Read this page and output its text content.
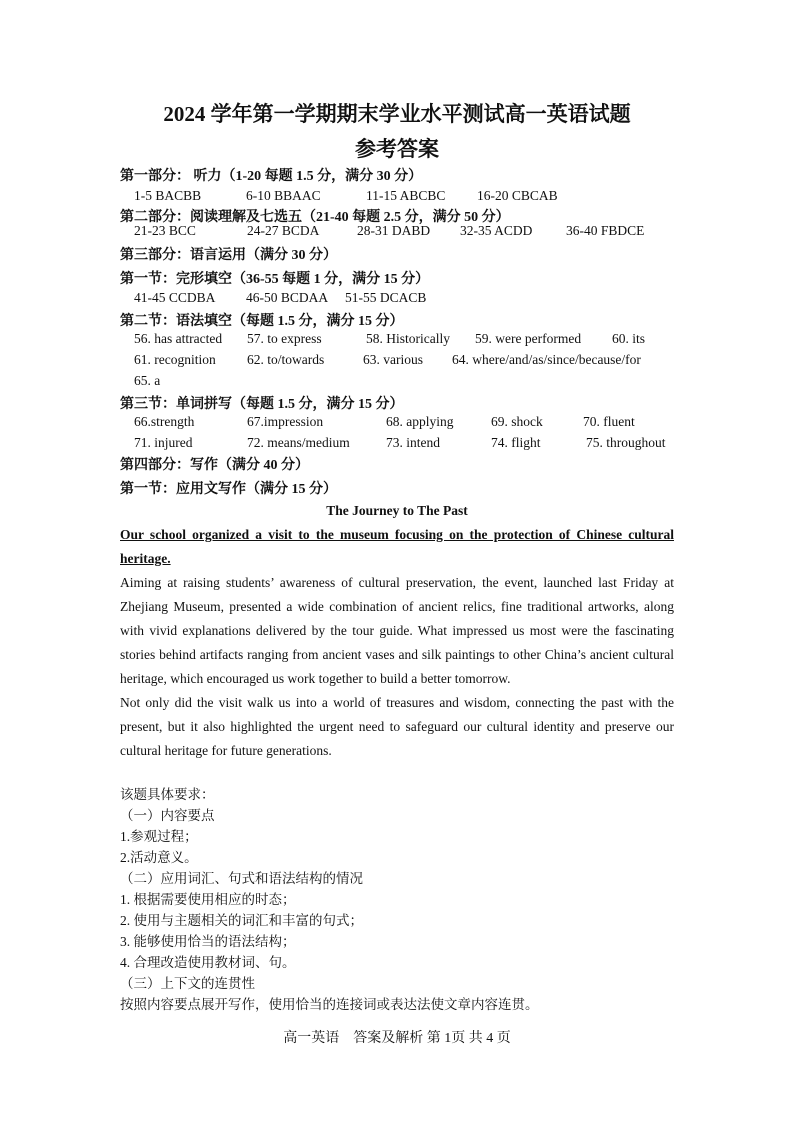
2024 学年第一学期期末学业水平测试高一英语试题
参考答案
第一部分： 听力（1-20 每题 1.5 分，满分 30 分）
1-5 BACBB	6-10 BBAAC	11-15 ABCBC 16-20 CBCAB
第二部分：阅读理解及七选五（21-40 每题 2.5 分，满分 50 分）
21-23 BCC	24-27 BCDA	28-31 DABD 32-35 ACDD 36-40 FBDCE
第三部分：语言运用（满分 30 分）
第一节：完形填空（36-55 每题 1 分，满分 15 分）
41-45 CCDBA 46-50 BCDAA 51-55 DCACB
第二节：语法填空（每题 1.5 分，满分 15 分）
56. has attracted 57. to express	58. Historically 59. were performed 60. its
61. recognition 62. to/towards	63. various 64. where/and/as/since/because/for
65. a
第三节：单词拼写（每题 1.5 分，满分 15 分）
66.strength	67.impression	68. applying	69. shock	70. fluent
71. injured	72. means/medium	73. intend	74. flight	75. throughout
第四部分：写作（满分 40 分）
第一节：应用文写作（满分 15 分）
The Journey to The Past
Our school organized a visit to the museum focusing on the protection of Chinese cultural heritage.
Aiming at raising students’ awareness of cultural preservation, the event, launched last Friday at Zhejiang Museum, presented a wide combination of ancient relics, fine traditional artworks, along with vivid explanations delivered by the tour guide. What impressed us most were the fascinating stories behind artifacts ranging from ancient vases and silk paintings to other China’s ancient cultural heritage, which encouraged us work together to build a better tomorrow.
Not only did the visit walk us into a world of treasures and wisdom, connecting the past with the present, but it also highlighted the urgent need to safeguard our cultural identity and preserve our cultural heritage for future generations.
该题具体要求：
（一）内容要点
1.参观过程；
2.活动意义。
（二）应用词汇、句式和语法结构的情况
1. 根据需要使用相应的时态；
2. 使用与主题相关的词汇和丰富的句式；
3. 能够使用恰当的语法结构；
4. 合理改造使用教材词、句。
（三）上下文的连贯性
按照内容要点展开写作，使用恰当的连接词或表达法使文章内容连贯。
高一英语　答案及解析 第 1页 共 4 页
